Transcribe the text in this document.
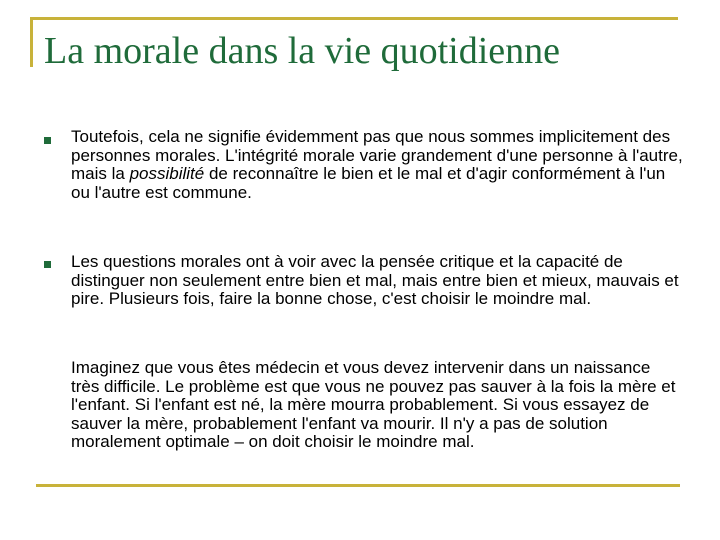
La morale dans la vie quotidienne

Toutefois, cela ne signifie évidemment pas que nous sommes implicitement des personnes morales. L'intégrité morale varie grandement d'une personne à l'autre, mais la possibilité de reconnaître le bien et le mal et d'agir conformément à l'un ou l'autre est commune.

Les questions morales ont à voir avec la pensée critique et la capacité de distinguer non seulement entre bien et mal, mais entre bien et mieux, mauvais et pire. Plusieurs fois, faire la bonne chose, c'est choisir le moindre mal.

Imaginez que vous êtes médecin et vous devez intervenir dans un naissance très difficile. Le problème est que vous ne pouvez pas sauver à la fois la mère et l'enfant. Si l'enfant est né, la mère mourra probablement. Si vous essayez de sauver la mère, probablement l'enfant va mourir. Il n'y a pas de solution moralement optimale – on doit choisir le moindre mal.
